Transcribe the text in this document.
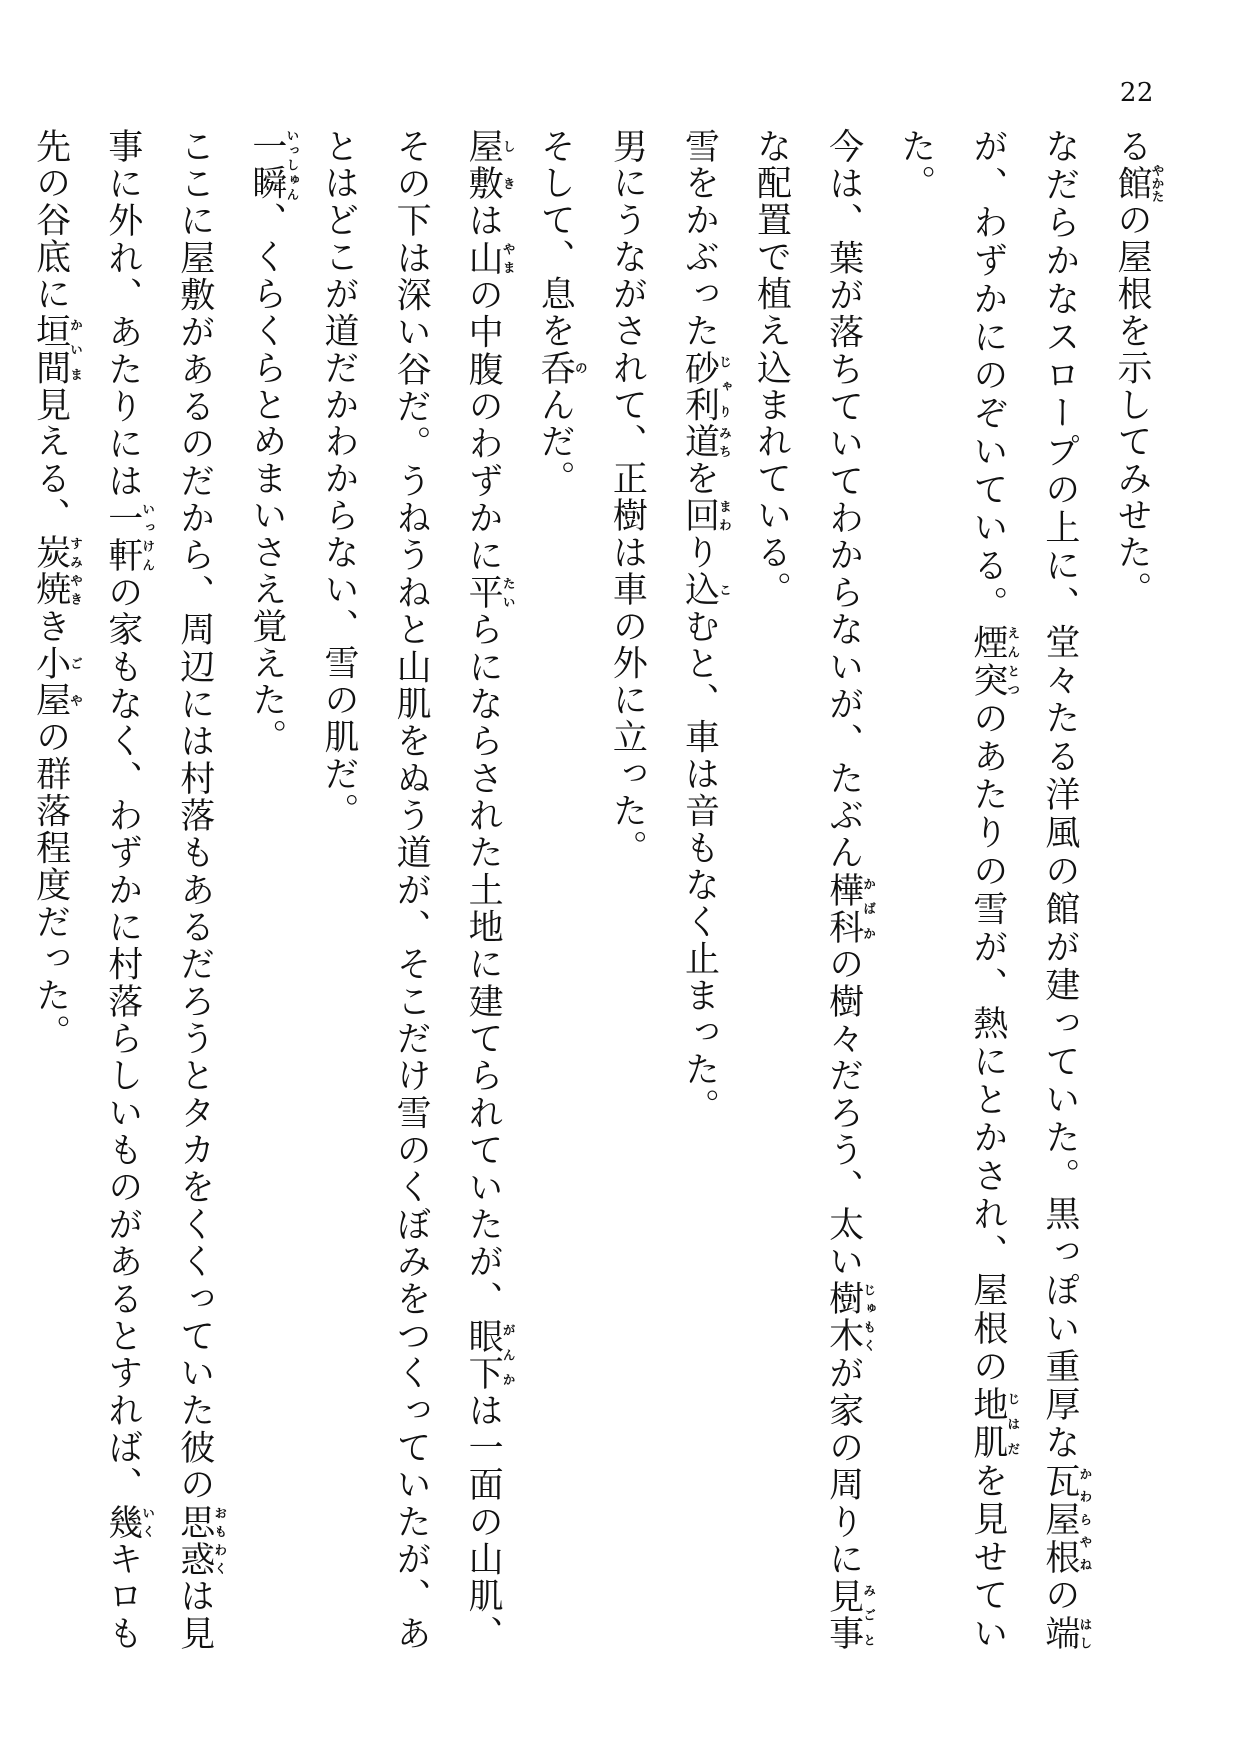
22

る館やかたの屋根を示してみせた。

なだらかなスロープの上に、堂々たる洋風の館が建っていた。黒っぽい重厚な瓦屋根かわらやねの端はしが、わずかにのぞいている。煙突えんとつのあたりの雪が、熱にとかされ、屋根の地肌じはだを見せていた。

今は、葉が落ちていてわからないが、たぶん樺科かばかの樹々だろう、太い樹木じゅもくが家の周りに見事みごとな配置で植え込まれている。

雪をかぶった砂利じゃり道みちを回まわり込こむと、車は音もなく止まった。

男にうながされて、正樹は車の外に立った。

そして、息を呑のんだ。

屋敷しきは山やまの中腹のわずかに平たいらにならされた土地に建てられていたが、眼下がんかは一面の山肌、その下は深い谷だ。うねうねと山肌をぬう道が、そこだけ雪のくぼみをつくっていたが、あとはどこが道だかわからない、雪の肌だ。

一瞬いっしゅん、くらくらとめまいさえ覚えた。

ここに屋敷があるのだから、周辺には村落もあるだろうとタカをくくっていた彼の思惑おもわくは見事に外れ、あたりには一軒いっけんの家もなく、わずかに村落らしいものがあるとすれば、幾いくキロも先の谷底に垣間かいま見える、炭焼すみやきき小屋ごやの群落程度だった。
